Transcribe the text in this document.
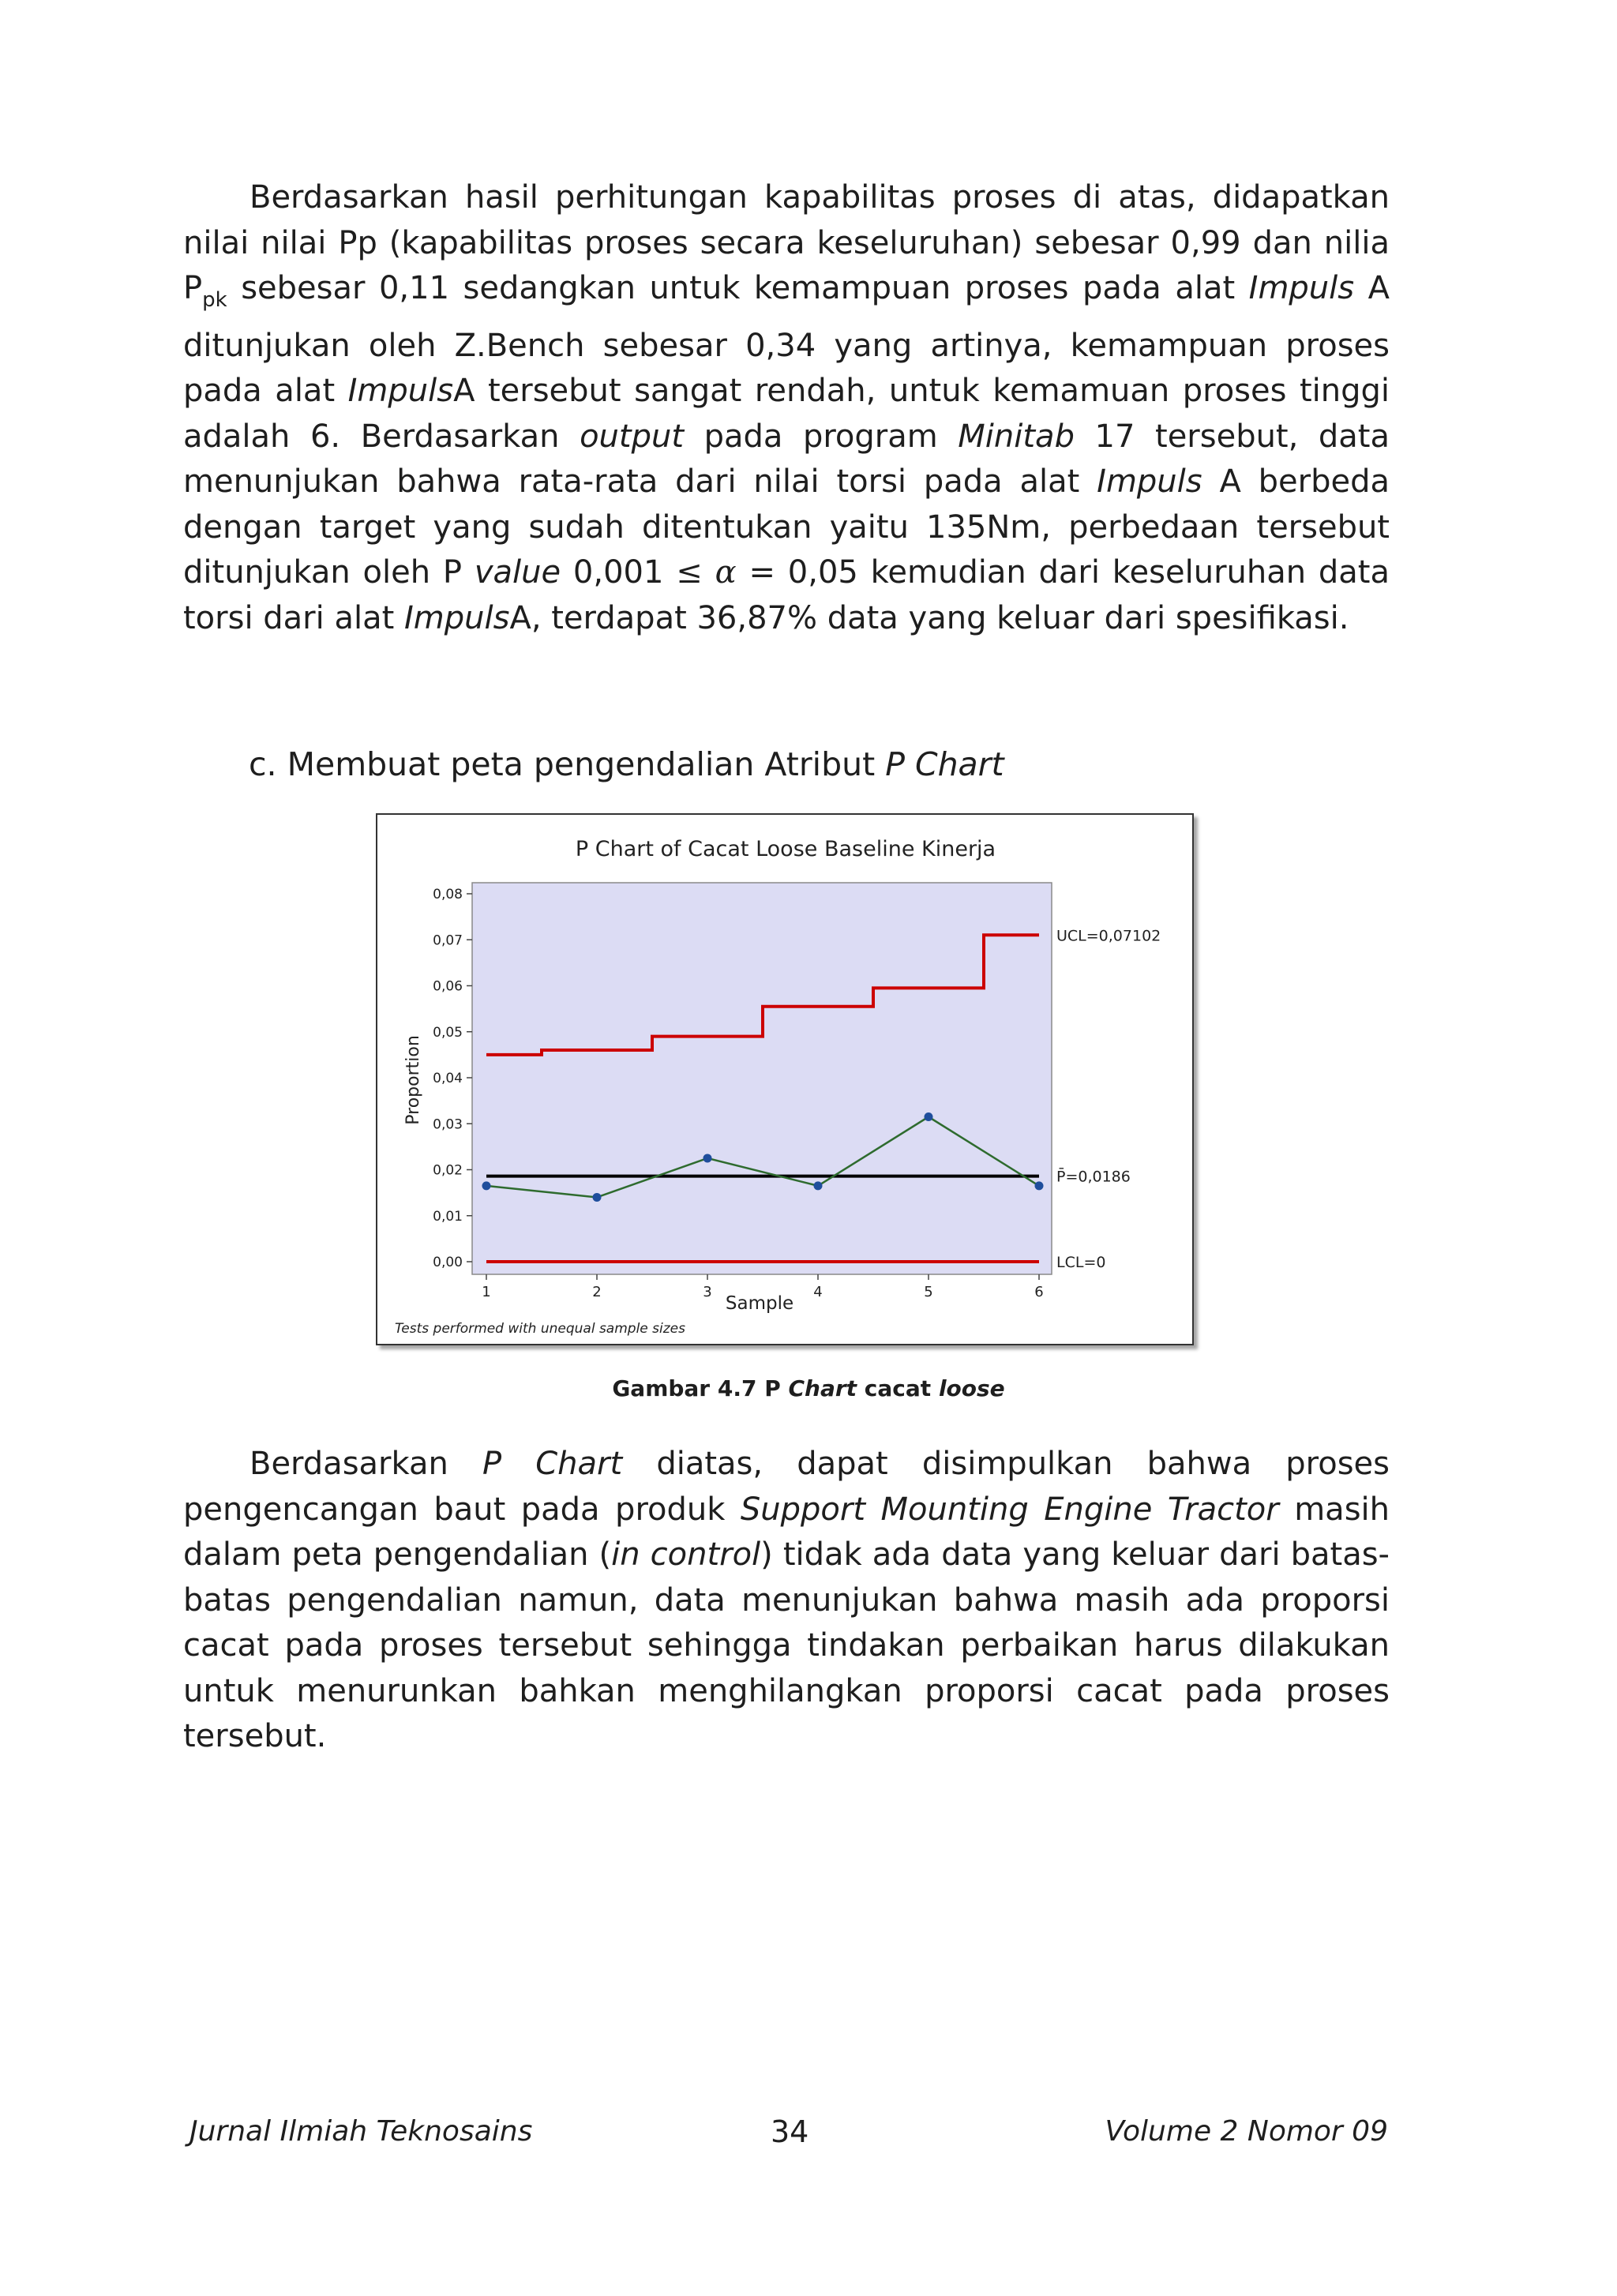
Berdasarkan hasil perhitungan kapabilitas proses di atas, didapatkan nilai nilai Pp (kapabilitas proses secara keseluruhan) sebesar 0,99 dan nilia $P_{pk}$ sebesar 0,11 sedangkan untuk kemampuan proses pada alat Impuls A ditunjukan oleh Z.Bench sebesar 0,34 yang artinya, kemampuan proses pada alat ImpulsA tersebut sangat rendah, untuk kemamuan proses tinggi adalah 6. Berdasarkan output pada program Minitab 17 tersebut, data menunjukan bahwa rata-rata dari nilai torsi pada alat Impuls A berbeda dengan target yang sudah ditentukan yaitu 135Nm, perbedaan tersebut ditunjukan oleh P value 0,001 ≤ α = 0,05 kemudian dari keseluruhan data torsi dari alat ImpulsA, terdapat 36,87% data yang keluar dari spesifikasi.

c. Membuat peta pengendalian Atribut P Chart

P Chart of Cacat Loose Baseline Kinerja
0,00
0,01
0,02
0,03
0,04
0,05
0,06
0,07
0,08
1	2	3	4	5	6
UCL=0,07102
P̄=0,0186
LCL=0
Sample
Proportion
Tests performed with unequal sample sizes

Gambar 4.7 P Chart cacat loose

Berdasarkan P Chart diatas, dapat disimpulkan bahwa proses pengencangan baut pada produk Support Mounting Engine Tractor masih dalam peta pengendalian (in control) tidak ada data yang keluar dari batas-batas pengendalian namun, data menunjukan bahwa masih ada proporsi cacat pada proses tersebut sehingga tindakan perbaikan harus dilakukan untuk menurunkan bahkan menghilangkan proporsi cacat pada proses tersebut.

Jurnal Ilmiah Teknosains	34	Volume 2 Nomor 09
